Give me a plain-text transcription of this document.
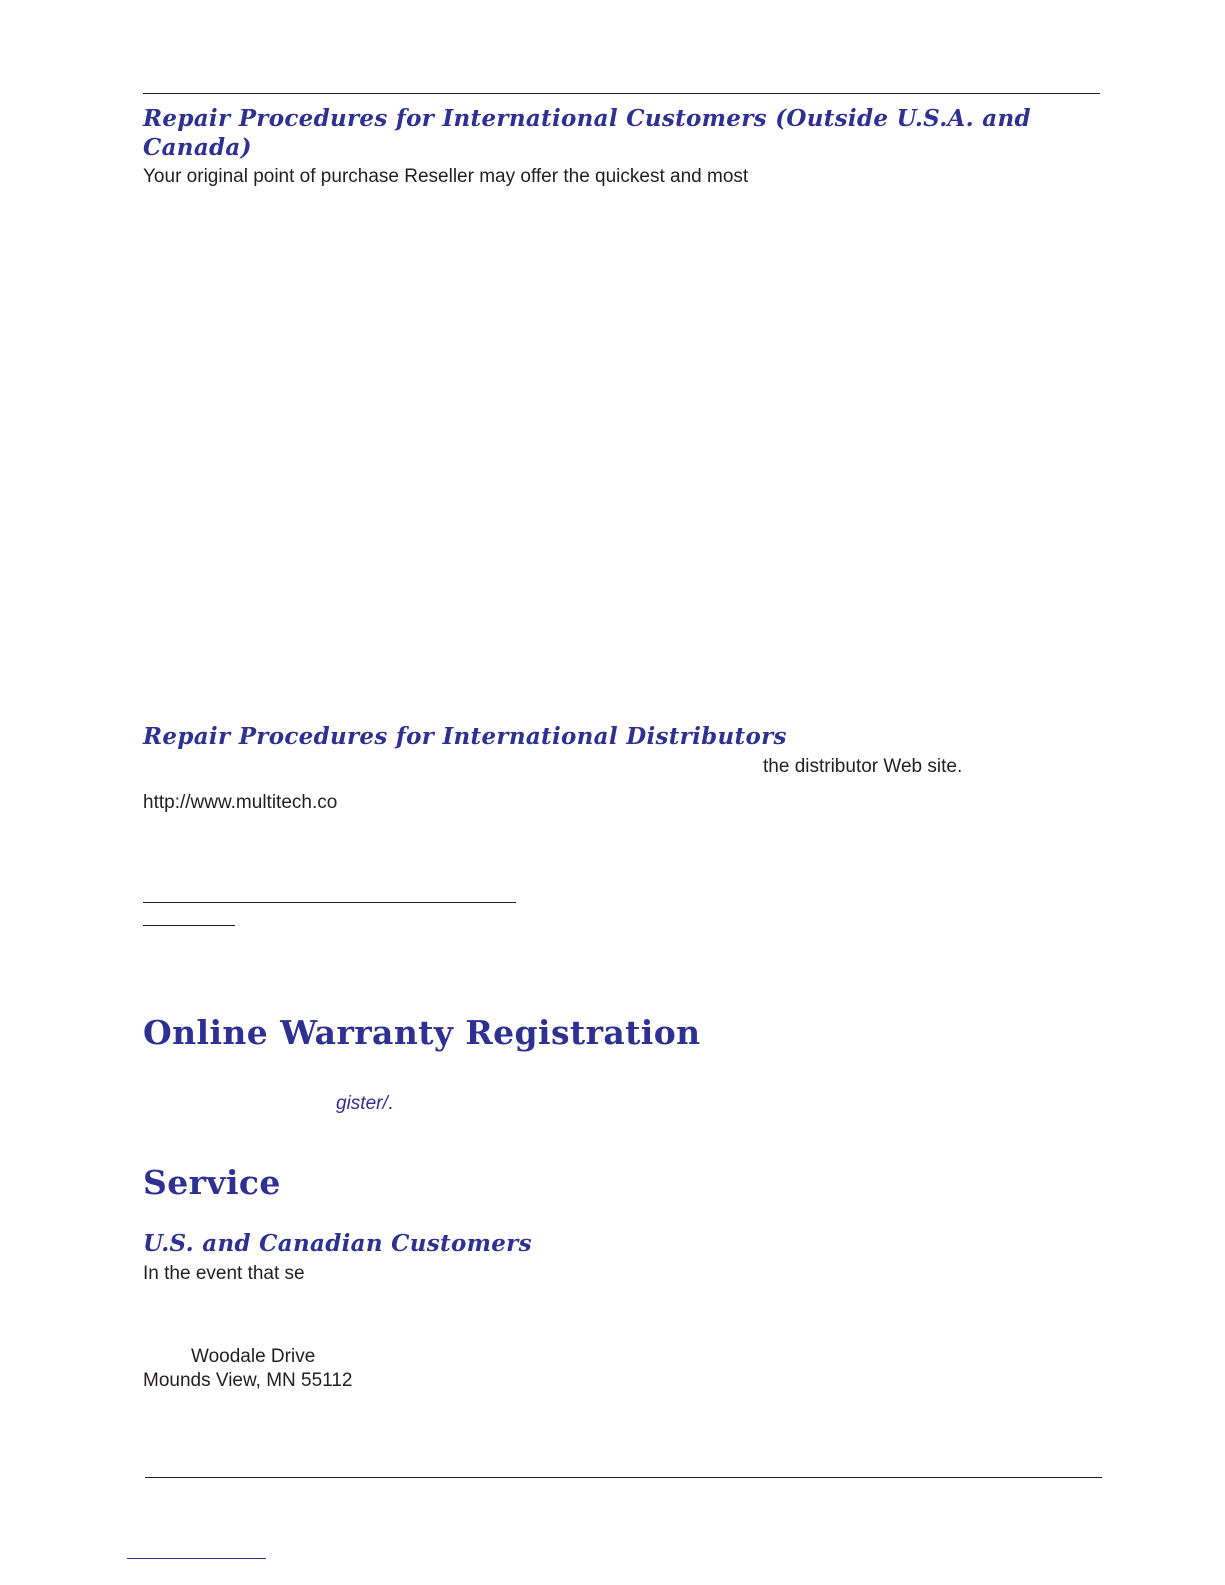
Repair Procedures for International Customers (Outside U.S.A. and
Canada)

Your original point of purchase Reseller may offer the quickest and most

Repair Procedures for International Distributors

the distributor Web site.

http://www.multitech.co

Online Warranty Registration

gister/.

Service
U.S. and Canadian Customers

In the event that se

Woodale Drive

Mounds View, MN 55112
